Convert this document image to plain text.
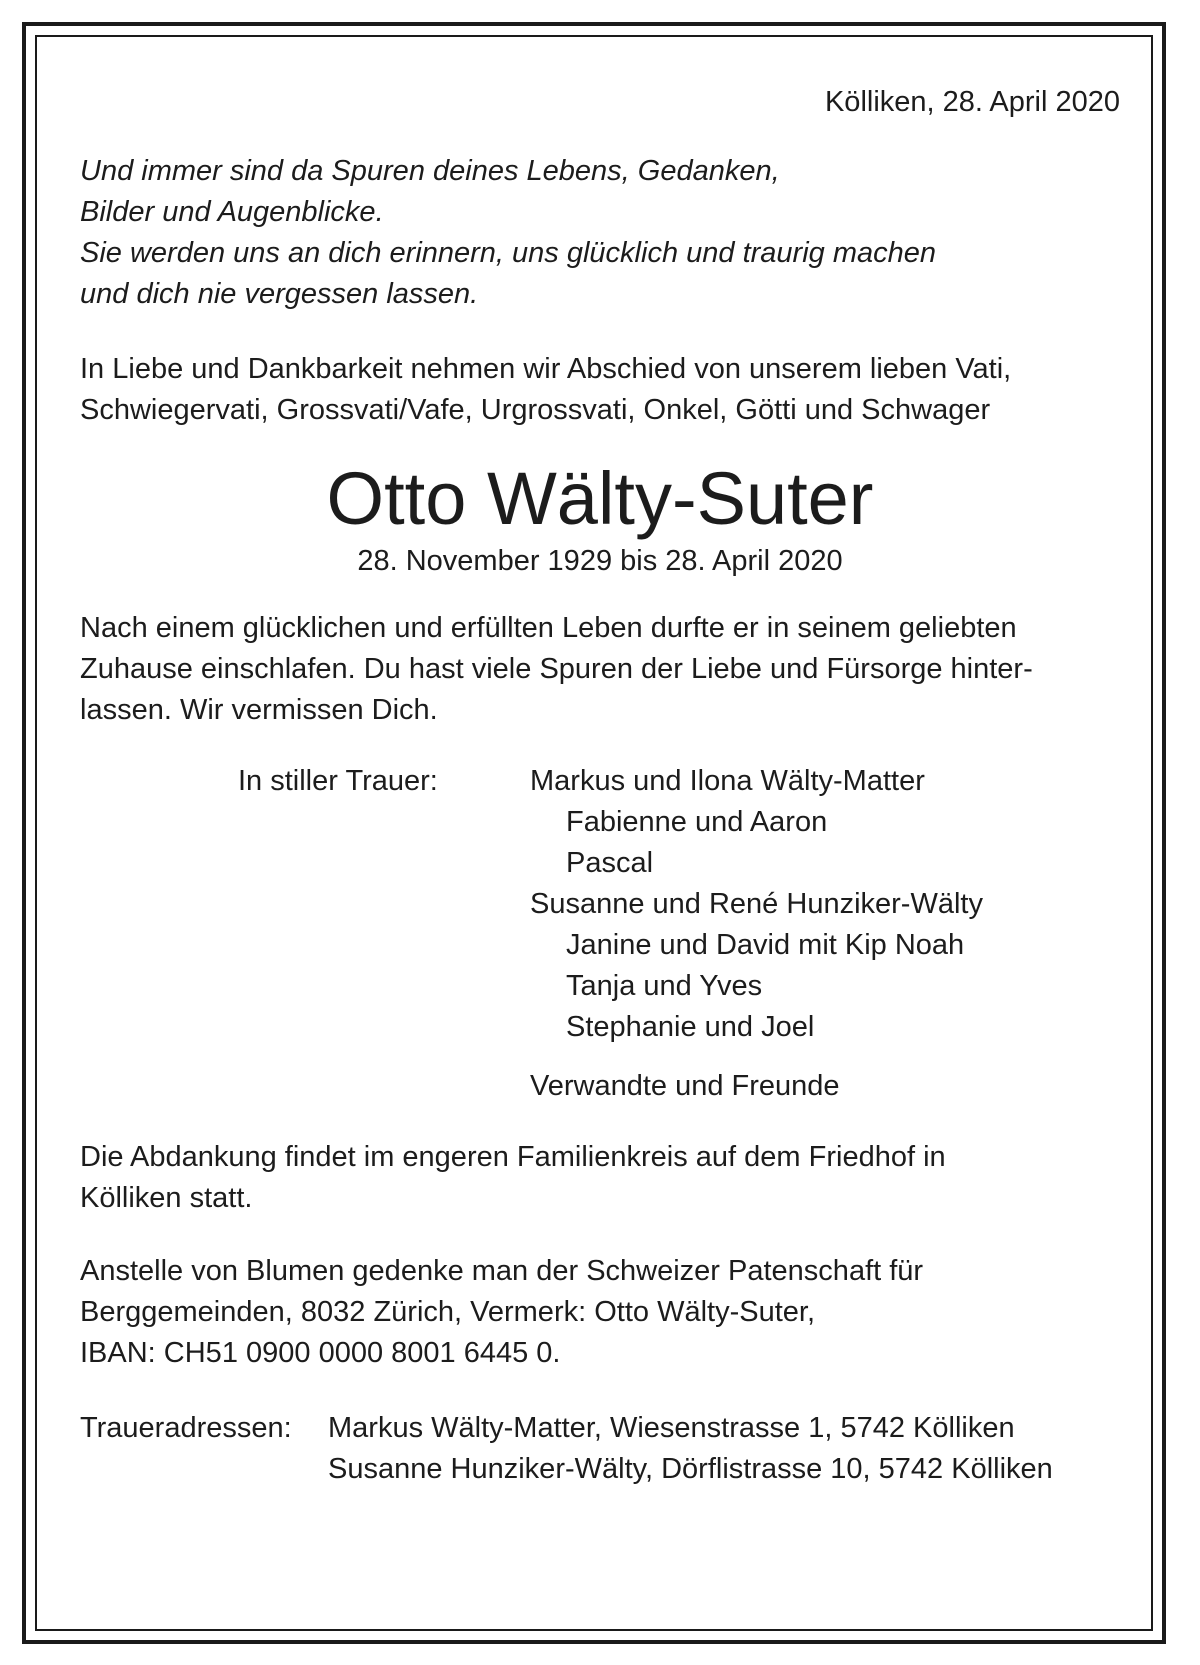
Kölliken, 28. April 2020
Und immer sind da Spuren deines Lebens, Gedanken,
Bilder und Augenblicke.
Sie werden uns an dich erinnern, uns glücklich und traurig machen
und dich nie vergessen lassen.
In Liebe und Dankbarkeit nehmen wir Abschied von unserem lieben Vati,
Schwiegervati, Grossvati/Vafe, Urgrossvati, Onkel, Götti und Schwager
Otto Wälty-Suter
28. November 1929 bis 28. April 2020
Nach einem glücklichen und erfüllten Leben durfte er in seinem geliebten
Zuhause einschlafen. Du hast viele Spuren der Liebe und Fürsorge hinter-
lassen. Wir vermissen Dich.
In stiller Trauer:	Markus und Ilona Wälty-Matter
Fabienne und Aaron
Pascal
Susanne und René Hunziker-Wälty
Janine und David mit Kip Noah
Tanja und Yves
Stephanie und Joel
Verwandte und Freunde
Die Abdankung findet im engeren Familienkreis auf dem Friedhof in
Kölliken statt.
Anstelle von Blumen gedenke man der Schweizer Patenschaft für
Berggemeinden, 8032 Zürich, Vermerk: Otto Wälty-Suter,
IBAN: CH51 0900 0000 8001 6445 0.
Traueradressen: Markus Wälty-Matter, Wiesenstrasse 1, 5742 Kölliken
Susanne Hunziker-Wälty, Dörflistrasse 10, 5742 Kölliken
